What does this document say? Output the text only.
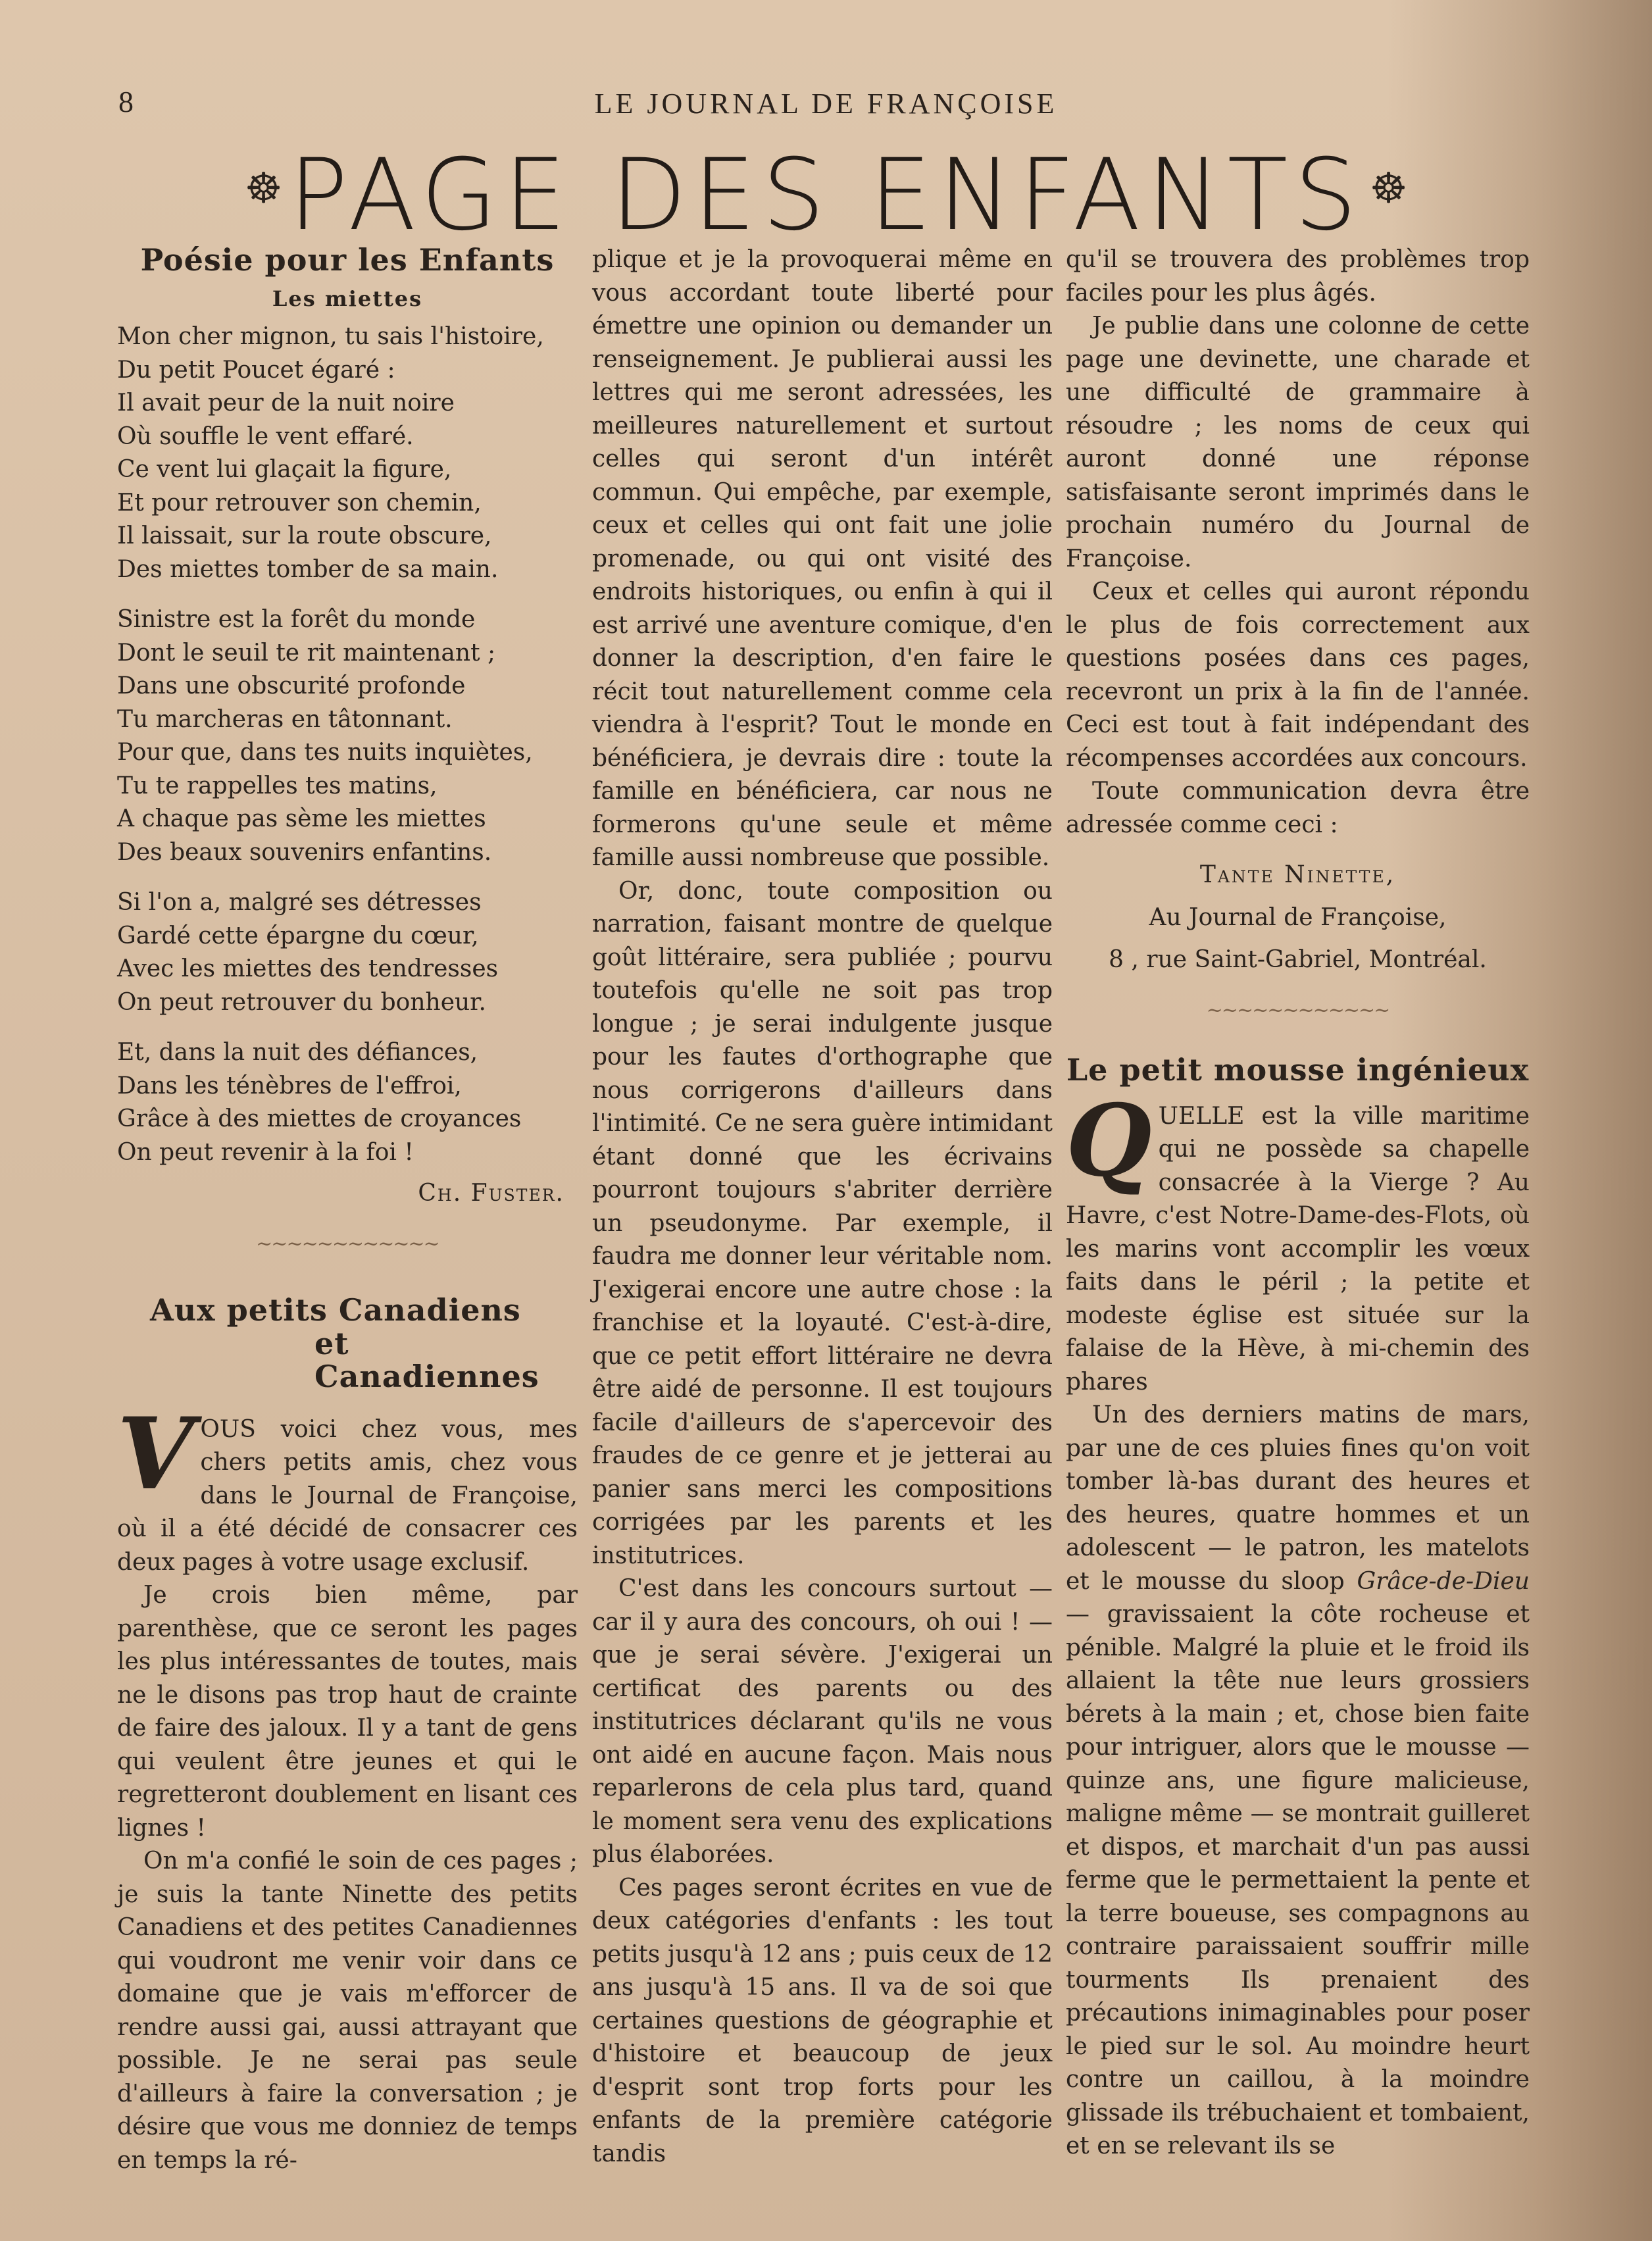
8	LE JOURNAL DE FRANÇOISE
☸ PAGE DES ENFANTS ☸
Poésie pour les Enfants
Les miettes
Mon cher mignon, tu sais l'histoire,
Du petit Poucet égaré :
Il avait peur de la nuit noire
Où souffle le vent effaré.
Ce vent lui glaçait la figure,
Et pour retrouver son chemin,
Il laissait, sur la route obscure,
Des miettes tomber de sa main.
Sinistre est la forêt du monde
Dont le seuil te rit maintenant ;
Dans une obscurité profonde
Tu marcheras en tâtonnant.
Pour que, dans tes nuits inquiètes,
Tu te rappelles tes matins,
A chaque pas sème les miettes
Des beaux souvenirs enfantins.
Si l'on a, malgré ses détresses
Gardé cette épargne du cœur,
Avec les miettes des tendresses
On peut retrouver du bonheur.
Et, dans la nuit des défiances,
Dans les ténèbres de l'effroi,
Grâce à des miettes de croyances
On peut revenir à la foi !
Ch. Fuster.
~~~~~~~~~~~~
Aux petits Canadiens
et Canadiennes

VOUS voici chez vous, mes chers petits amis, chez vous dans le Journal de Françoise, où il a été décidé de consacrer ces deux pages à votre usage exclusif.

Je crois bien même, par parenthèse, que ce seront les pages les plus intéressantes de toutes, mais ne le disons pas trop haut de crainte de faire des jaloux. Il y a tant de gens qui veulent être jeunes et qui le regretteront doublement en lisant ces lignes !

On m'a confié le soin de ces pages ; je suis la tante Ninette des petits Canadiens et des petites Canadiennes qui voudront me venir voir dans ce domaine que je vais m'efforcer de rendre aussi gai, aussi attrayant que possible. Je ne serai pas seule d'ailleurs à faire la conversation ; je désire que vous me donniez de temps en temps la ré-

plique et je la provoquerai même en vous accordant toute liberté pour émettre une opinion ou demander un renseignement. Je publierai aussi les lettres qui me seront adressées, les meilleures naturellement et surtout celles qui seront d'un intérêt commun. Qui empêche, par exemple, ceux et celles qui ont fait une jolie promenade, ou qui ont visité des endroits historiques, ou enfin à qui il est arrivé une aventure comique, d'en donner la description, d'en faire le récit tout naturellement comme cela viendra à l'esprit? Tout le monde en bénéficiera, je devrais dire : toute la famille en bénéficiera, car nous ne formerons qu'une seule et même famille aussi nombreuse que possible.

Or, donc, toute composition ou narration, faisant montre de quelque goût littéraire, sera publiée ; pourvu toutefois qu'elle ne soit pas trop longue ; je serai indulgente jusque pour les fautes d'orthographe que nous corrigerons d'ailleurs dans l'intimité. Ce ne sera guère intimidant étant donné que les écrivains pourront toujours s'abriter derrière un pseudonyme. Par exemple, il faudra me donner leur véritable nom. J'exigerai encore une autre chose : la franchise et la loyauté. C'est-à-dire, que ce petit effort littéraire ne devra être aidé de personne. Il est toujours facile d'ailleurs de s'apercevoir des fraudes de ce genre et je jetterai au panier sans merci les compositions corrigées par les parents et les institutrices.

C'est dans les concours surtout — car il y aura des concours, oh oui ! — que je serai sévère. J'exigerai un certificat des parents ou des institutrices déclarant qu'ils ne vous ont aidé en aucune façon. Mais nous reparlerons de cela plus tard, quand le moment sera venu des explications plus élaborées.

Ces pages seront écrites en vue de deux catégories d'enfants : les tout petits jusqu'à 12 ans ; puis ceux de 12 ans jusqu'à 15 ans. Il va de soi que certaines questions de géographie et d'histoire et beaucoup de jeux d'esprit sont trop forts pour les enfants de la première catégorie tandis

qu'il se trouvera des problèmes trop faciles pour les plus âgés.

Je publie dans une colonne de cette page une devinette, une charade et une difficulté de grammaire à résoudre ; les noms de ceux qui auront donné une réponse satisfaisante seront imprimés dans le prochain numéro du Journal de Françoise.

Ceux et celles qui auront répondu le plus de fois correctement aux questions posées dans ces pages, recevront un prix à la fin de l'année. Ceci est tout à fait indépendant des récompenses accordées aux concours.

Toute communication devra être adressée comme ceci :

Tante Ninette,

Au Journal de Françoise,

8 , rue Saint-Gabriel, Montréal.

~~~~~~~~~~~~
Le petit mousse ingénieux

QUELLE est la ville maritime qui ne possède sa chapelle consacrée à la Vierge ? Au Havre, c'est Notre-Dame-des-Flots, où les marins vont accomplir les vœux faits dans le péril ; la petite et modeste église est située sur la falaise de la Hève, à mi-chemin des phares

Un des derniers matins de mars, par une de ces pluies fines qu'on voit tomber là-bas durant des heures et des heures, quatre hommes et un adolescent — le patron, les matelots et le mousse du sloop Grâce-de-Dieu — gravissaient la côte rocheuse et pénible. Malgré la pluie et le froid ils allaient la tête nue leurs grossiers bérets à la main ; et, chose bien faite pour intriguer, alors que le mousse — quinze ans, une figure malicieuse, maligne même — se montrait guilleret et dispos, et marchait d'un pas aussi ferme que le permettaient la pente et la terre boueuse, ses compagnons au contraire paraissaient souffrir mille tourments Ils prenaient des précautions inimaginables pour poser le pied sur le sol. Au moindre heurt contre un caillou, à la moindre glissade ils trébuchaient et tombaient, et en se relevant ils se
